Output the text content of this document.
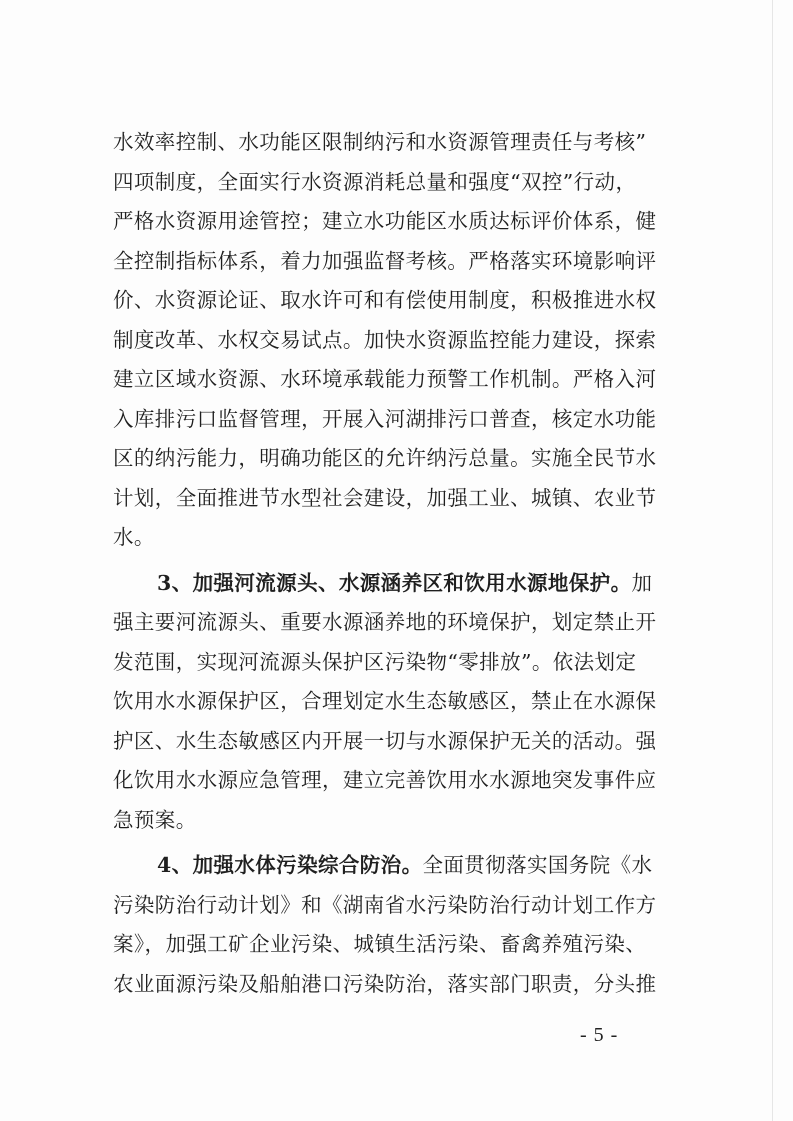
水效率控制、水功能区限制纳污和水资源管理责任与考核”
四项制度，全面实行水资源消耗总量和强度“双控”行动，
严格水资源用途管控；建立水功能区水质达标评价体系，健
全控制指标体系，着力加强监督考核。严格落实环境影响评
价、水资源论证、取水许可和有偿使用制度，积极推进水权
制度改革、水权交易试点。加快水资源监控能力建设，探索
建立区域水资源、水环境承载能力预警工作机制。严格入河
入库排污口监督管理，开展入河湖排污口普查，核定水功能
区的纳污能力，明确功能区的允许纳污总量。实施全民节水
计划，全面推进节水型社会建设，加强工业、城镇、农业节
水。
3、加强河流源头、水源涵养区和饮用水源地保护。加
强主要河流源头、重要水源涵养地的环境保护，划定禁止开
发范围，实现河流源头保护区污染物“零排放”。依法划定
饮用水水源保护区，合理划定水生态敏感区，禁止在水源保
护区、水生态敏感区内开展一切与水源保护无关的活动。强
化饮用水水源应急管理，建立完善饮用水水源地突发事件应
急预案。
4、加强水体污染综合防治。全面贯彻落实国务院《水
污染防治行动计划》和《湖南省水污染防治行动计划工作方
案》，加强工矿企业污染、城镇生活污染、畜禽养殖污染、
农业面源污染及船舶港口污染防治，落实部门职责，分头推
- 5 -
